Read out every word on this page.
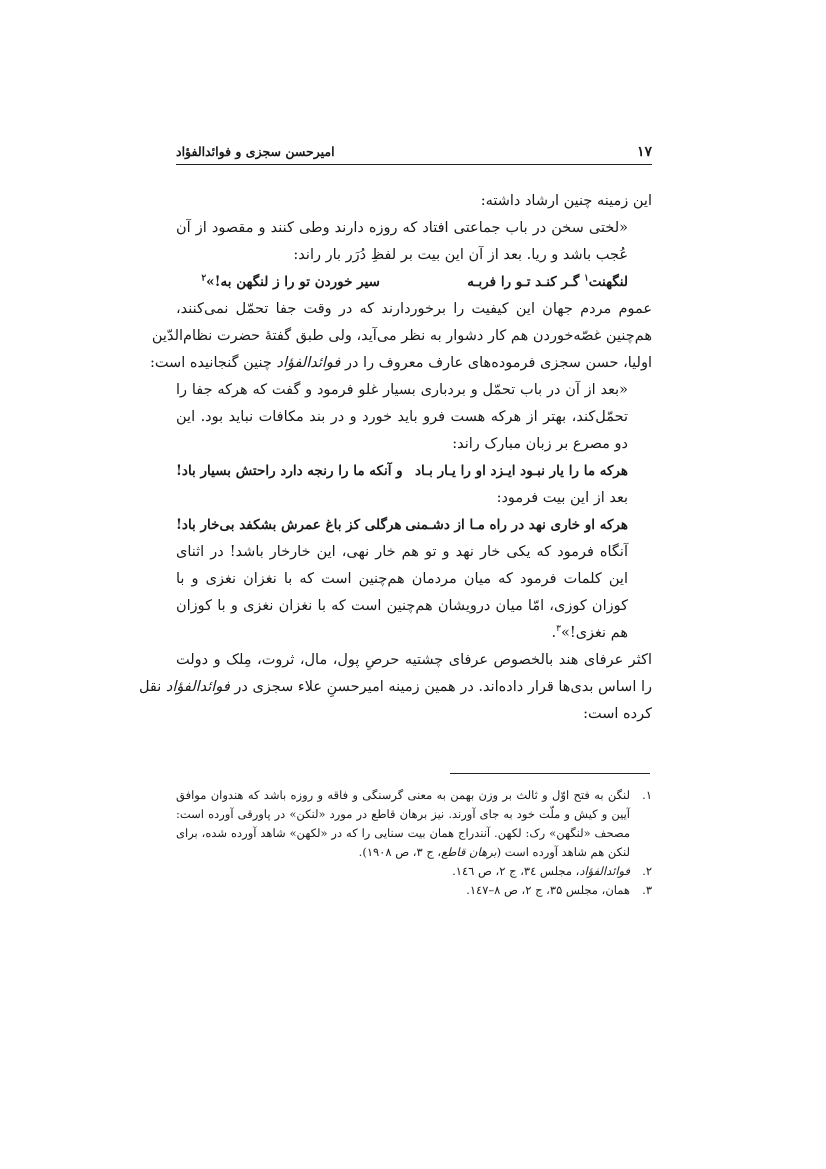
۱۷
امیرحسن سجزی و فوائدالفؤاد
این زمینه چنین ارشاد داشته:
«لختی سخن در باب جماعتی افتاد که روزه دارند وطی کنند و مقصود از آن
عُجب باشد و ریا. بعد از آن این بیت بر لفظِ دُرَر بار راند:
لنگهنت$^۱$ گـر کنـد تـو را فربـه
سیر خوردن تو را ز لنگهن به!»$^۲$
عموم مردم جهان این کیفیت را برخوردارند که در وقت جفا تحمّل نمی‌کنند،
هم‌چنین غصّه‌خوردن هم کار دشوار به نظر می‌آید، ولی طبق گفتهٔ حضرت نظام‌الدّین
اولیا، حسن سجزی فرموده‌های عارف معروف را در فوائدالفؤاد چنین گنجانیده است:
«بعد از آن در باب تحمّل و بردباری بسیار غلو فرمود و گفت که هرکه جفا را
تحمّل‌کند، بهتر از هرکه هست فرو باید خورد و در بند مکافات نباید بود. این
دو مصرع بر زبان مبارک راند:
هرکه ما را یار نبـود ایـزد او را یـار بـاد
و آنکه ما را رنجه دارد راحتش بسیار باد!
بعد از این بیت فرمود:
هرکه او خاری نهد در راه مـا از دشـمنی
هرگلی کز باغ عمرش بشکفد بی‌خار باد!
آنگاه فرمود که یکی خار نهد و تو هم خار نهی، این خارخار باشد! در اثنای
این کلمات فرمود که میان مردمان هم‌چنین است که با نغزان نغزی و با
کوزان کوزی، امّا میان درویشان هم‌چنین است که با نغزان نغزی و با کوزان
هم نغزی!»$^۳$.
اکثر عرفای هند بالخصوص عرفای چشتیه حرصِ پول، مال، ثروت، مِلک و دولت
را اساس بدی‌ها قرار داده‌اند. در همین زمینه امیرحسنِ علاء سجزی در فوائدالفؤاد نقل
کرده است:
۱.
لنگن به فتح اوّل و ثالث بر وزن بهمن به معنی گرسنگی و فاقه و روزه باشد که هندوان موافق
آیین و کیش و ملّت خود به جای آورند. نیز برهان قاطع در مورد «لنکن» در پاورقی آورده است:
مصحف «لنگهن» رک: لکهن. آنندراج همان بیت سنایی را که در «لکهن» شاهد آورده شده، برای
لنکن هم شاهد آورده است (برهان قاطع، ج ۳، ص ۱۹۰۸).
۲.
فوائدالفؤاد، مجلس ۳٤، ج ۲، ص ۱٤٦.
۳.
همان، مجلس ۳۵، ج ۲، ص ۸–۱٤۷.
